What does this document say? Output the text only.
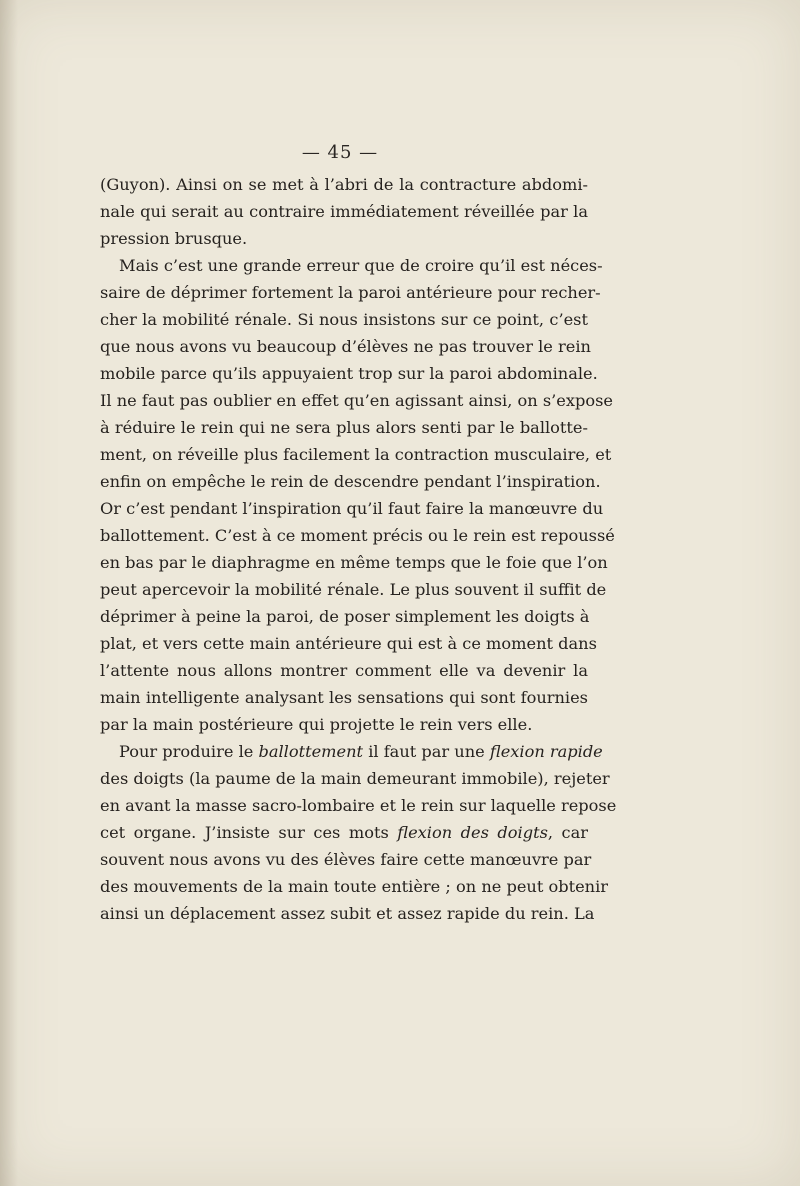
— 45 —
(Guyon). Ainsi on se met à l’abri de la contracture abdomi-
nale qui serait au contraire immédiatement réveillée par la
pression brusque.
Mais c’est une grande erreur que de croire qu’il est néces-
saire de déprimer fortement la paroi antérieure pour recher-
cher la mobilité rénale. Si nous insistons sur ce point, c’est
que nous avons vu beaucoup d’élèves ne pas trouver le rein
mobile parce qu’ils appuyaient trop sur la paroi abdominale.
Il ne faut pas oublier en effet qu’en agissant ainsi, on s’expose
à réduire le rein qui ne sera plus alors senti par le ballotte-
ment, on réveille plus facilement la contraction musculaire, et
enfin on empêche le rein de descendre pendant l’inspiration.
Or c’est pendant l’inspiration qu’il faut faire la manœuvre du
ballottement. C’est à ce moment précis ou le rein est repoussé
en bas par le diaphragme en même temps que le foie que l’on
peut apercevoir la mobilité rénale. Le plus souvent il suffit de
déprimer à peine la paroi, de poser simplement les doigts à
plat, et vers cette main antérieure qui est à ce moment dans
l’attente nous allons montrer comment elle va devenir la
main intelligente analysant les sensations qui sont fournies
par la main postérieure qui projette le rein vers elle.
Pour produire le ballottement il faut par une flexion rapide
des doigts (la paume de la main demeurant immobile), rejeter
en avant la masse sacro-lombaire et le rein sur laquelle repose
cet organe. J’insiste sur ces mots flexion des doigts, car
souvent nous avons vu des élèves faire cette manœuvre par
des mouvements de la main toute entière ; on ne peut obtenir
ainsi un déplacement assez subit et assez rapide du rein. La
